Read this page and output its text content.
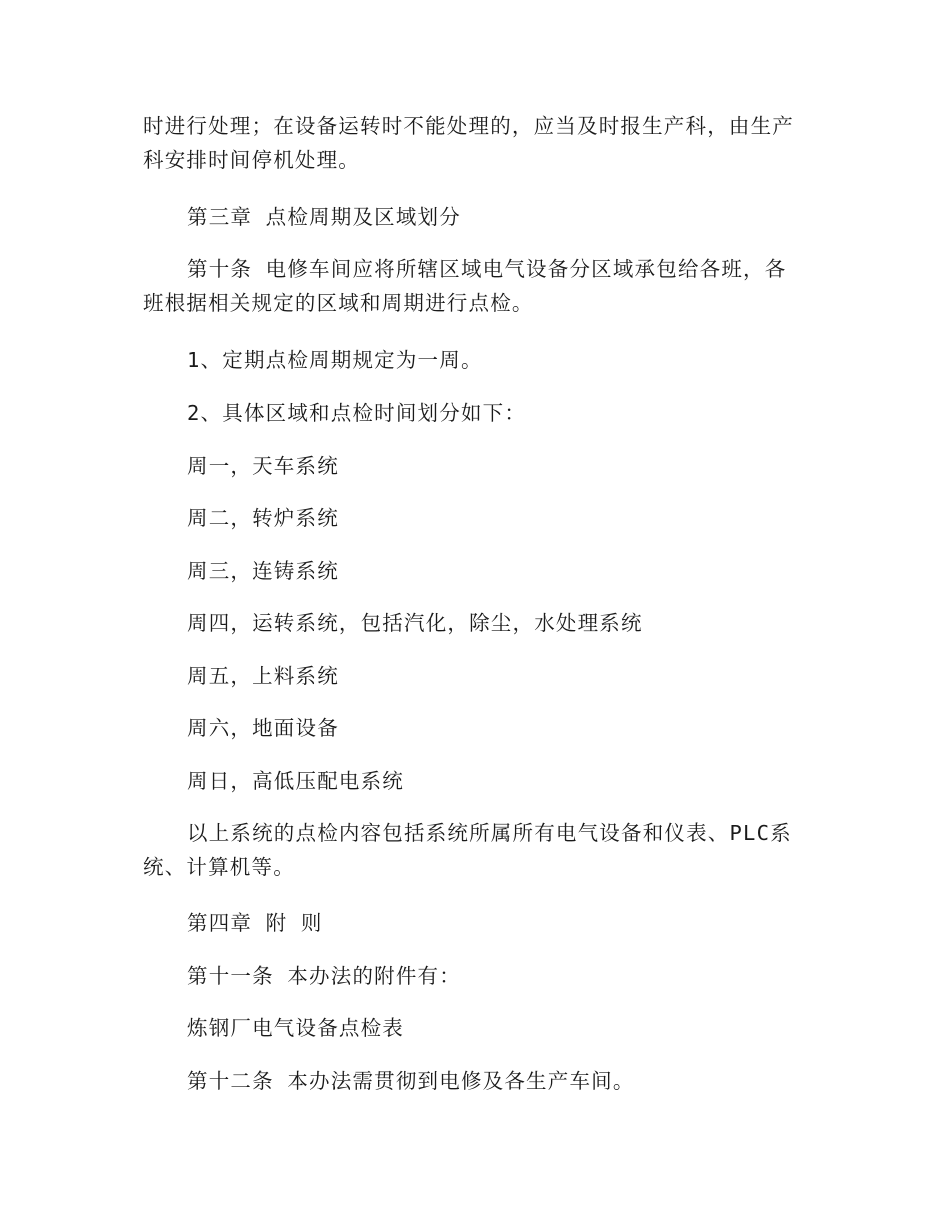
时进行处理；在设备运转时不能处理的，应当及时报生产科，由生产科安排时间停机处理。

第三章 点检周期及区域划分

第十条 电修车间应将所辖区域电气设备分区域承包给各班，各班根据相关规定的区域和周期进行点检。

1、定期点检周期规定为一周。

2、具体区域和点检时间划分如下：

周一，天车系统

周二，转炉系统

周三，连铸系统

周四，运转系统，包括汽化，除尘，水处理系统

周五，上料系统

周六，地面设备

周日，高低压配电系统

以上系统的点检内容包括系统所属所有电气设备和仪表、PLC系统、计算机等。

第四章 附 则

第十一条 本办法的附件有：

炼钢厂电气设备点检表

第十二条 本办法需贯彻到电修及各生产车间。
